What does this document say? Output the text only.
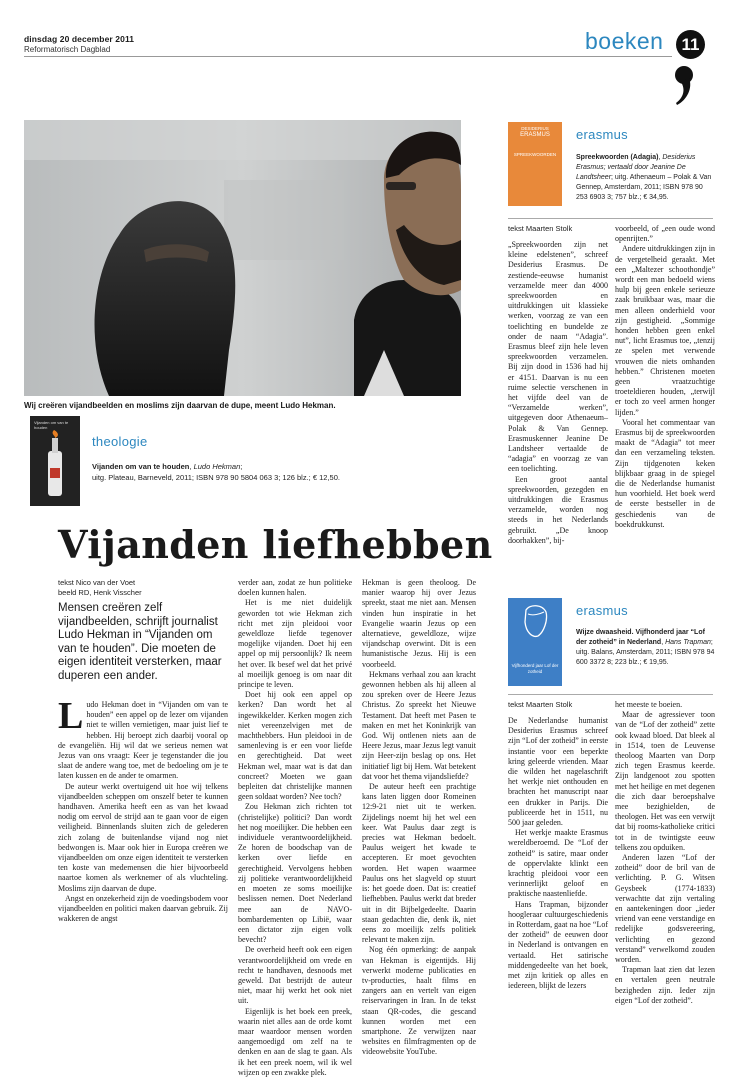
dinsdag 20 december 2011
Reformatorisch Dagblad	boeken	11
Wij creëren vijandbeelden en moslims zijn daarvan de dupe, meent Ludo Hekman.
Vijanden om van te houden
theologie
Vijanden om van te houden, Ludo Hekman;
uitg. Plateau, Barneveld, 2011; ISBN 978 90 5804 063 3; 126 blz.; € 12,50.
Vijanden liefhebben
tekst Nico van der Voet
beeld RD, Henk Visscher
Mensen creëren zelf vijandbeelden, schrijft journalist Ludo Hekman in “Vijanden om van te houden”. Die moeten de eigen identiteit versterken, maar duperen een ander.
L udo Hekman doet in “Vijanden om van te houden” een appel op de lezer om vijanden niet te willen vernietigen, maar juist lief te hebben. Hij beroept zich daarbij vooral op de evangeliën. Hij wil dat we serieus nemen wat Jezus van ons vraagt: Keer je tegenstander die jou slaat de andere wang toe, met de bedoeling om je te laten kussen en de ander te omarmen.

De auteur werkt overtuigend uit hoe wij telkens vijandbeelden scheppen om onszelf beter te kunnen handhaven. Amerika heeft een as van het kwaad nodig om eervol de strijd aan te gaan voor de eigen veiligheid. Binnenlands sluiten zich de gelederen zich zolang de buitenlandse vijand nog niet bedwongen is. Maar ook hier in Europa creëren we vijandbeelden om onze eigen identiteit te versterken ten koste van medemensen die hier bijvoorbeeld naartoe komen als werknemer of als vluchteling. Moslims zijn daarvan de dupe.

Angst en onzekerheid zijn de voedingsbodem voor vijandbeelden en politici maken daarvan gebruik. Zij wakkeren de angst

verder aan, zodat ze hun politieke doelen kunnen halen.

Het is me niet duidelijk geworden tot wie Hekman zich richt met zijn pleidooi voor geweldloze liefde tegenover mogelijke vijanden. Doet hij een appel op mij persoonlijk? Ik neem het over. Ik besef wel dat het privé al moeilijk genoeg is om naar dit principe te leven.

Doet hij ook een appel op kerken? Dan wordt het al ingewikkelder. Kerken mogen zich niet vereenzelvigen met de machthebbers. Hun pleidooi in de samenleving is er een voor liefde en gerechtigheid. Dat weet Hekman wel, maar wat is dat dan concreet? Moeten we gaan bepleiten dat christelijke mannen geen soldaat worden? Nee toch?

Zou Hekman zich richten tot (christelijke) politici? Dan wordt het nog moeilijker. Die hebben een individuele verantwoordelijkheid. Ze horen de boodschap van de kerken over liefde en gerechtigheid. Vervolgens hebben zij politieke verantwoordelijkheid en moeten ze soms moeilijke beslissen nemen. Doet Nederland mee aan de NAVO-bombardementen op Libië, waar een dictator zijn eigen volk bevecht?

De overheid heeft ook een eigen verantwoordelijkheid om vrede en recht te handhaven, desnoods met geweld. Dat bestrijdt de auteur niet, maar hij werkt het ook niet uit.

Eigenlijk is het boek een preek, waarin niet alles aan de orde komt maar waardoor mensen worden aangemoedigd om zelf na te denken en aan de slag te gaan. Als ik het een preek noem, wil ik wel wijzen op een zwakke plek.

Hekman is geen theoloog. De manier waarop hij over Jezus spreekt, staat me niet aan. Mensen vinden hun inspiratie in het Evangelie waarin Jezus op een alternatieve, geweldloze, wijze vijandschap overwint. Dit is een humanistische Jezus. Hij is een voorbeeld.

Hekmans verhaal zou aan kracht gewonnen hebben als hij alleen al zou spreken over de Heere Jezus Christus. Zo spreekt het Nieuwe Testament. Dat heeft met Pasen te maken en met het Koninkrijk van God. Wij ontlenen niets aan de Heere Jezus, maar Jezus legt vanuit zijn Heer-zijn beslag op ons. Het initiatief ligt bij Hem. Wat betekent dat voor het thema vijandsliefde?

De auteur heeft een prachtige kans laten liggen door Romeinen 12:9-21 niet uit te werken. Zijdelings noemt hij het wel een keer. Wat Paulus daar zegt is precies wat Hekman bedoelt. Paulus weigert het kwade te accepteren. Er moet gevochten worden. Het wapen waarmee Paulus ons het slagveld op stuurt is: het goede doen. Dat is: creatief liefhebben. Paulus werkt dat breder uit in dit Bijbelgedeelte. Daarin staan gedachten die, denk ik, niet eens zo moeilijk zelfs politiek relevant te maken zijn.

Nog één opmerking: de aanpak van Hekman is eigentijds. Hij verwerkt moderne publicaties en tv-producties, haalt films en zangers aan en vertelt van eigen reiservaringen in Iran. In de tekst staan QR-codes, die gescand kunnen worden met een smartphone. Ze verwijzen naar websites en filmfragmenten op de videowebsite YouTube.

DESIDERIUS
ERASMUS
SPREEKWOORDEN
erasmus
Spreekwoorden (Adagia), Desiderius Erasmus; vertaald door Jeanine De Landtsheer; uitg. Athenaeum – Polak & Van Gennep, Amsterdam, 2011; ISBN 978 90 253 6903 3; 757 blz.; € 34,95.
tekst Maarten Stolk

„Spreekwoorden zijn net kleine edelstenen”, schreef Desiderius Erasmus. De zestiende-eeuwse humanist verzamelde meer dan 4000 spreekwoorden en uitdrukkingen uit klassieke werken, voorzag ze van een toelichting en bundelde ze onder de naam “Adagia”. Erasmus bleef zijn hele leven spreekwoorden verzamelen. Bij zijn dood in 1536 had hij er 4151. Daarvan is nu een ruime selectie verschenen in het vijfde deel van de “Verzamelde werken”, uitgegeven door Athenaeum–Polak & Van Gennep. Erasmuskenner Jeanine De Landtsheer vertaalde de “adagia” en voorzag ze van een toelichting.

Een groot aantal spreekwoorden, gezegden en uitdrukkingen die Erasmus verzamelde, worden nog steeds in het Nederlands gebruikt. „De knoop doorhakken”, bij-

voorbeeld, of „een oude wond openrijten.”

Andere uitdrukkingen zijn in de vergetelheid geraakt. Met een „Maltezer schoothondje” wordt een man bedoeld wiens hulp bij geen enkele serieuze zaak bruikbaar was, maar die men alleen onderhield voor zijn gestigheid. „Sommige honden hebben geen enkel nut”, licht Erasmus toe, „tenzij ze spelen met verwende vrouwen die niets omhanden hebben.” Christenen moeten geen vraatzuchtige troeteldieren houden, „terwijl er toch zo veel armen honger lijden.”

Vooral het commentaar van Erasmus bij de spreekwoorden maakt de “Adagia” tot meer dan een verzameling teksten. Zijn tijdgenoten keken blijkbaar graag in de spiegel die de Nederlandse humanist hun voorhield. Het boek werd de eerste bestseller in de geschiedenis van de boekdrukkunst.

Vijfhonderd jaar Lof der zotheid
erasmus
Wijze dwaasheid. Vijfhonderd jaar “Lof der zotheid” in Nederland, Hans Trapman; uitg. Balans, Amsterdam, 2011; ISBN 978 94 600 3372 8; 223 blz.; € 19,95.
tekst Maarten Stolk

De Nederlandse humanist Desiderius Erasmus schreef zijn “Lof der zotheid” in eerste instantie voor een beperkte kring geleerde vrienden. Maar die wilden het nagelaschrift het werkje niet onthouden en brachten het manuscript naar een drukker in Parijs. Die publiceerde het in 1511, nu 500 jaar geleden.

Het werkje maakte Erasmus wereldberoemd. De “Lof der zotheid” is satire, maar onder de oppervlakte klinkt een krachtig pleidooi voor een verinnerlijkt geloof en praktische naastenliefde.

Hans Trapman, bijzonder hoogleraar cultuurgeschiedenis in Rotterdam, gaat na hoe “Lof der zotheid” de eeuwen door in Nederland is ontvangen en vertaald. Het satirische middengedeelte van het boek, met zijn kritiek op alles en iedereen, blijkt de lezers

het meeste te boeien.

Maar de agressiever toon van de “Lof der zotheid” zette ook kwaad bloed. Dat bleek al in 1514, toen de Leuvense theoloog Maarten van Dorp zich tegen Erasmus keerde. Zijn landgenoot zou spotten met het heilige en met degenen die zich daar beroepshalve mee bezighielden, de theologen. Het was een verwijt dat bij rooms-katholieke critici tot in de twintigste eeuw telkens zou opduiken.

Anderen lazen “Lof der zotheid” door de bril van de verlichting. P. G. Witsen Geysbeek (1774-1833) verwachtte dat zijn vertaling en aantekeningen door „ieder vriend van eene verstandige en redelijke godsvereering, verlichting en gezond verstand” verwelkomd zouden worden.

Trapman laat zien dat lezen en vertalen geen neutrale bezigheden zijn. Ieder zijn eigen “Lof der zotheid”.
